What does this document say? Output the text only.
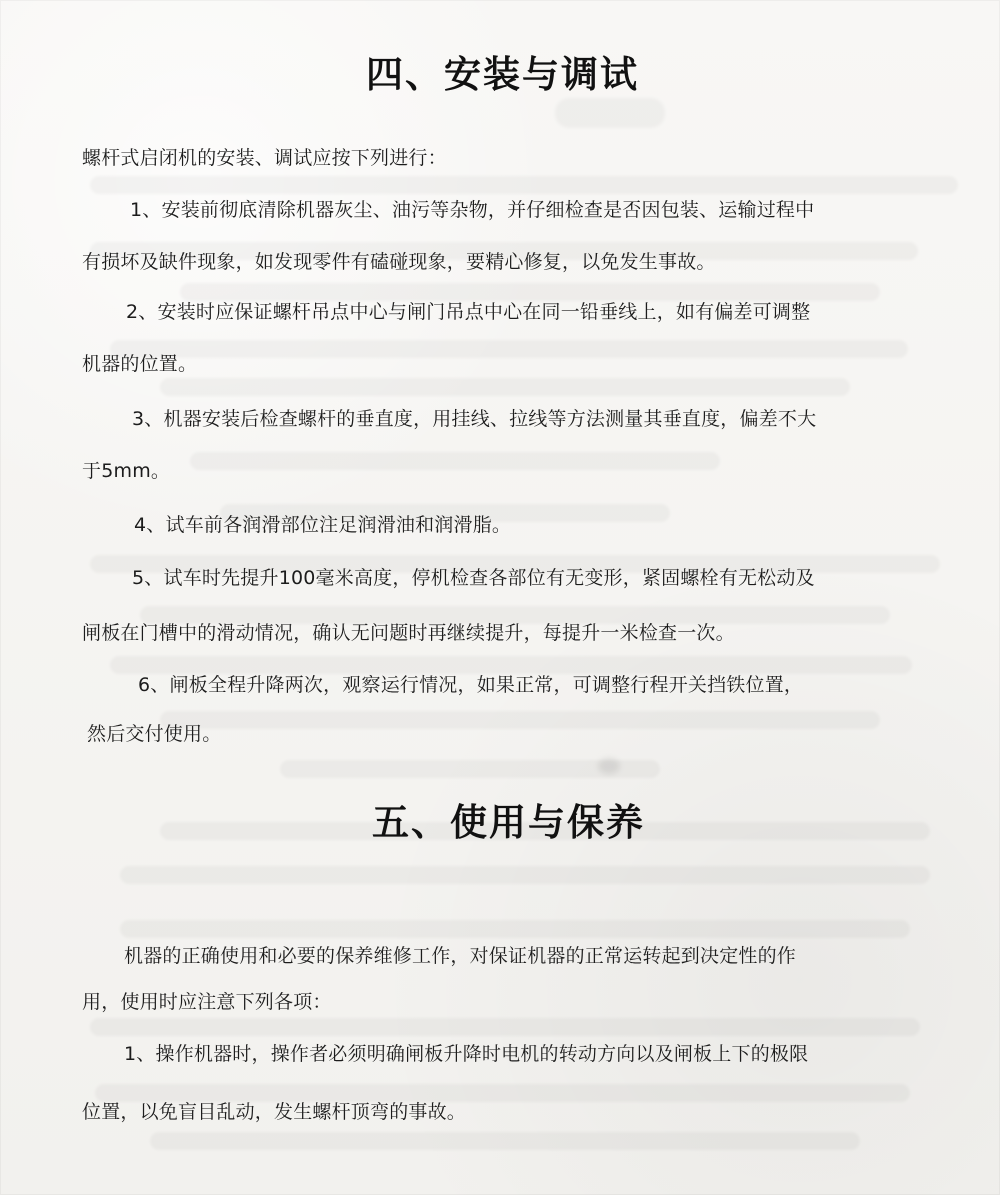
四、安装与调试

螺杆式启闭机的安装、调试应按下列进行：

1、安装前彻底清除机器灰尘、油污等杂物，并仔细检查是否因包装、运输过程中

有损坏及缺件现象，如发现零件有磕碰现象，要精心修复，以免发生事故。

2、安装时应保证螺杆吊点中心与闸门吊点中心在同一铅垂线上，如有偏差可调整

机器的位置。

3、机器安装后检查螺杆的垂直度，用挂线、拉线等方法测量其垂直度，偏差不大

于5mm。

4、试车前各润滑部位注足润滑油和润滑脂。

5、试车时先提升100毫米高度，停机检查各部位有无变形，紧固螺栓有无松动及

闸板在门槽中的滑动情况，确认无问题时再继续提升，每提升一米检查一次。

6、闸板全程升降两次，观察运行情况，如果正常，可调整行程开关挡铁位置，

然后交付使用。

五、使用与保养

机器的正确使用和必要的保养维修工作，对保证机器的正常运转起到决定性的作

用，使用时应注意下列各项：

1、操作机器时，操作者必须明确闸板升降时电机的转动方向以及闸板上下的极限

位置，以免盲目乱动，发生螺杆顶弯的事故。
